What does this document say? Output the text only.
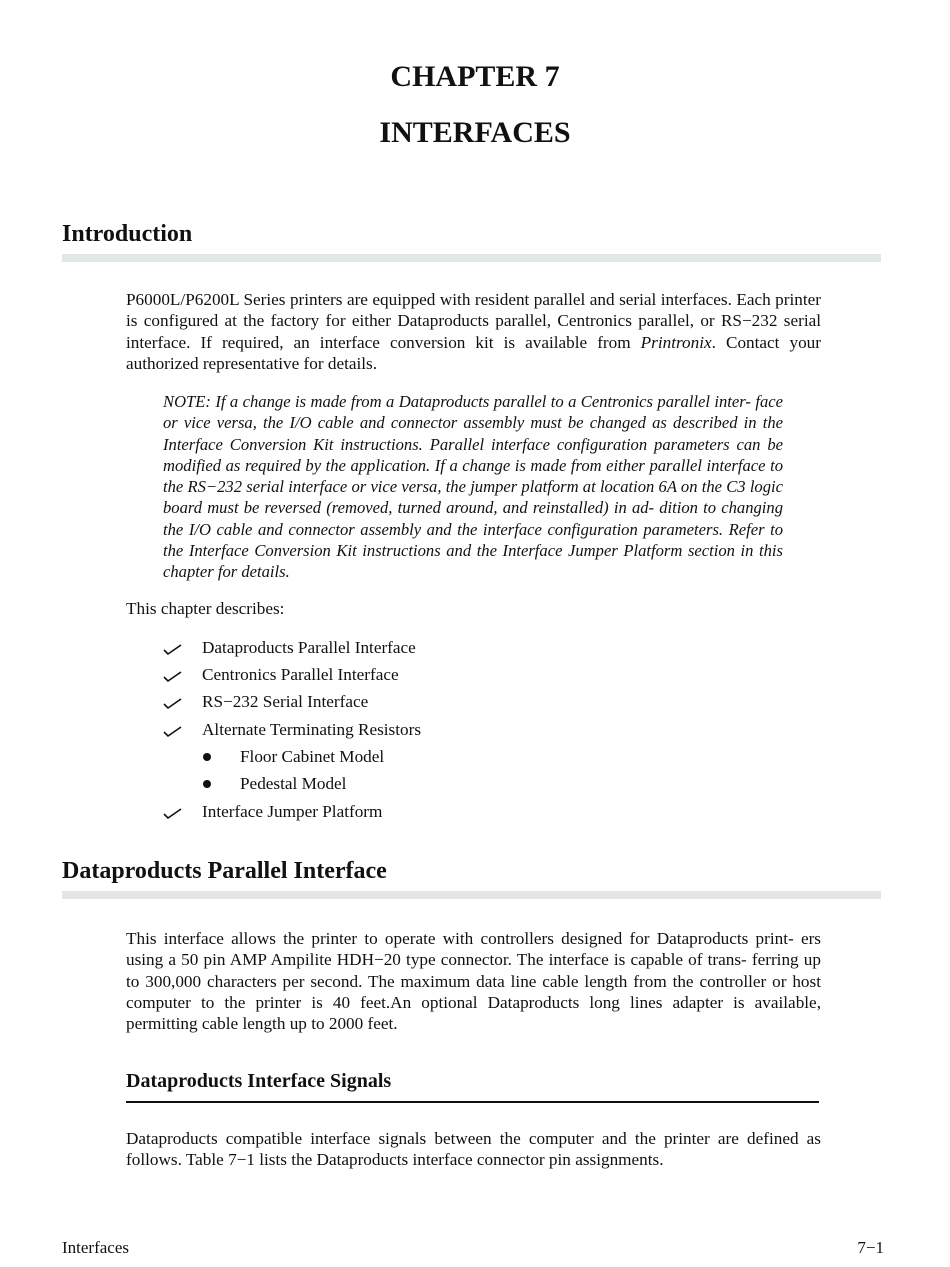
CHAPTER 7
INTERFACES
Introduction

P6000L/P6200L Series printers are equipped with resident parallel and serial interfaces. Each printer is configured at the factory for either Dataproducts parallel, Centronics parallel, or RS−232 serial interface. If required, an interface conversion kit is available from Printronix. Contact your authorized representative for details.

NOTE: If a change is made from a Dataproducts parallel to a Centronics parallel inter- face or vice versa, the I/O cable and connector assembly must be changed as described in the Interface Conversion Kit instructions. Parallel interface configuration parameters can be modified as required by the application. If a change is made from either parallel interface to the RS−232 serial interface or vice versa, the jumper platform at location 6A on the C3 logic board must be reversed (removed, turned around, and reinstalled) in ad- dition to changing the I/O cable and connector assembly and the interface configuration parameters. Refer to the Interface Conversion Kit instructions and the Interface Jumper Platform section in this chapter for details.

This chapter describes:

Dataproducts Parallel Interface
Centronics Parallel Interface
RS−232 Serial Interface
Alternate Terminating Resistors
Floor Cabinet Model
Pedestal Model
Interface Jumper Platform
Dataproducts Parallel Interface

This interface allows the printer to operate with controllers designed for Dataproducts print- ers using a 50 pin AMP Ampilite HDH−20 type connector. The interface is capable of trans- ferring up to 300,000 characters per second. The maximum data line cable length from the controller or host computer to the printer is 40 feet.An optional Dataproducts long lines adapter is available, permitting cable length up to 2000 feet.

Dataproducts Interface Signals

Dataproducts compatible interface signals between the computer and the printer are defined as follows. Table 7−1 lists the Dataproducts interface connector pin assignments.

Interfaces	7−1
